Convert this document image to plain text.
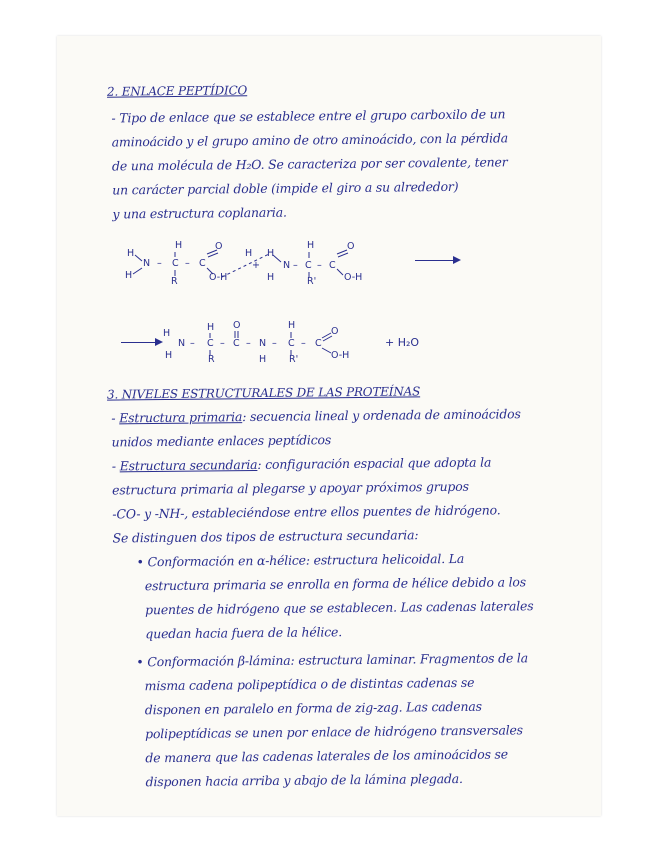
2. ENLACE PEPTÍDICO
- Tipo de enlace que se establece entre el grupo carboxilo de un
aminoácido y el grupo amino de otro aminoácido, con la pérdida
de una molécula de H₂O. Se caracteriza por ser covalente, tener
un carácter parcial doble (impide el giro a su alrededor)
y una estructura coplanaria.
H	O
H
N – C – C
H
R	O-H
H
+
H
H	O
N – C – C
H
R'	O-H
H
N
H
–
H
C
R
–
O
C – N
H
–
H
C
R'
– C
O
O-H
+ H₂O
3. NIVELES ESTRUCTURALES DE LAS PROTEÍNAS
- Estructura primaria: secuencia lineal y ordenada de aminoácidos
unidos mediante enlaces peptídicos
- Estructura secundaria: configuración espacial que adopta la
estructura primaria al plegarse y apoyar próximos grupos
-CO- y -NH-, estableciéndose entre ellos puentes de hidrógeno.
Se distinguen dos tipos de estructura secundaria:
• Conformación en α-hélice: estructura helicoidal. La
estructura primaria se enrolla en forma de hélice debido a los
puentes de hidrógeno que se establecen. Las cadenas laterales
quedan hacia fuera de la hélice.
• Conformación β-lámina: estructura laminar. Fragmentos de la
misma cadena polipeptídica o de distintas cadenas se
disponen en paralelo en forma de zig-zag. Las cadenas
polipeptídicas se unen por enlace de hidrógeno transversales
de manera que las cadenas laterales de los aminoácidos se
disponen hacia arriba y abajo de la lámina plegada.
